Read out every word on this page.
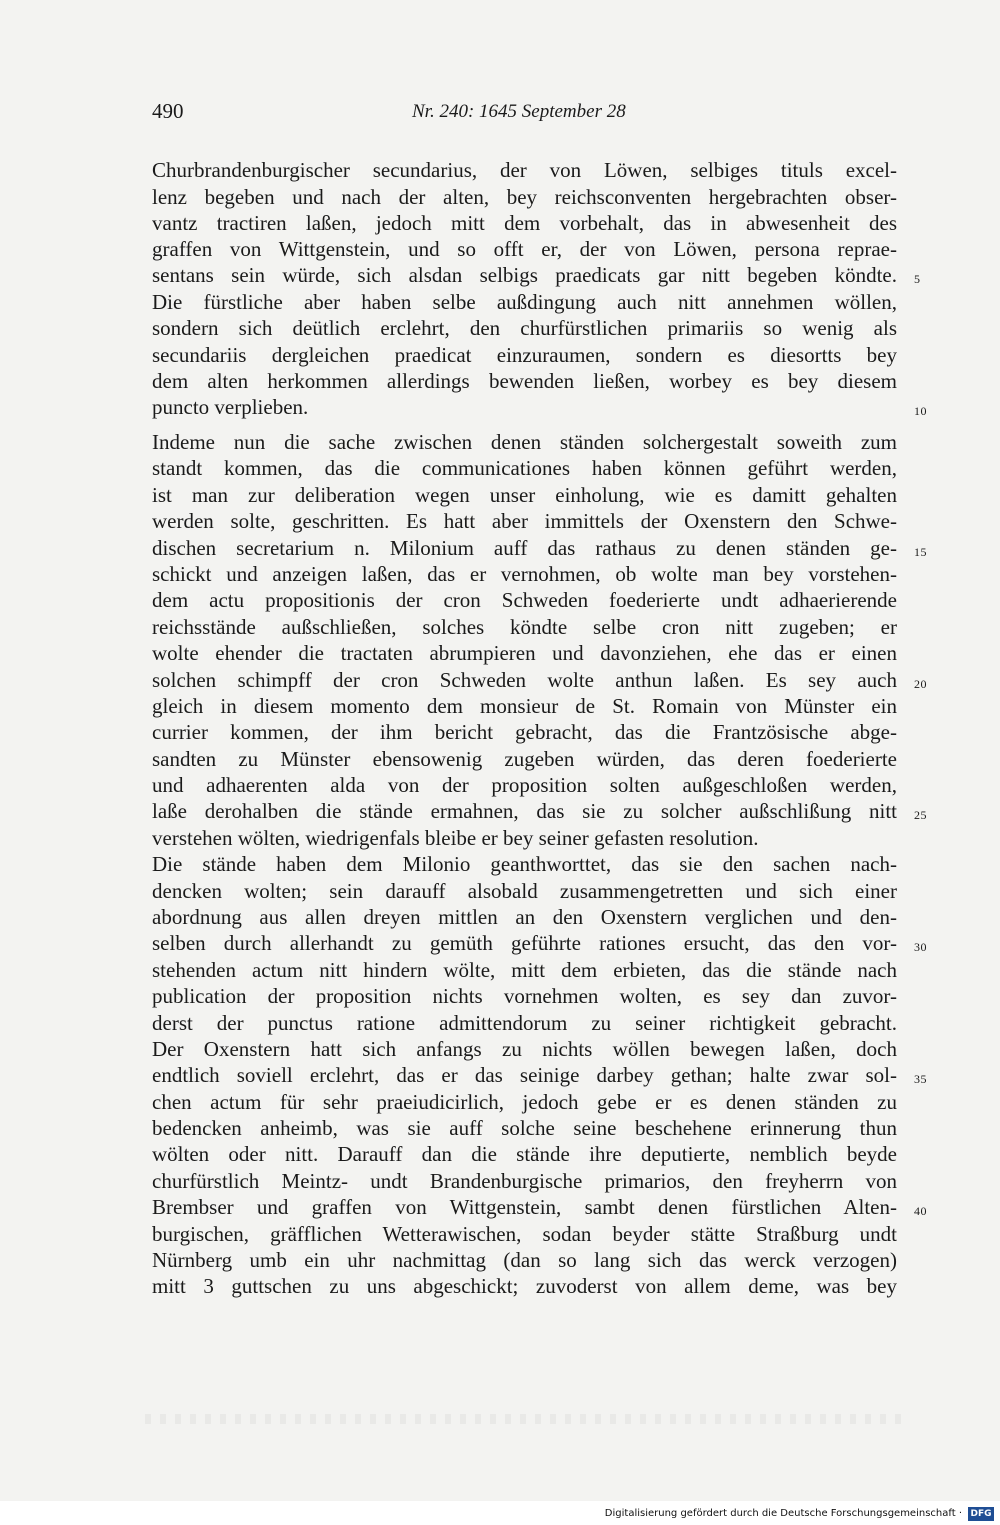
490	Nr. 240: 1645 September 28
Churbrandenburgischer secundarius, der von Löwen, selbiges tituls excel-
lenz begeben und nach der alten, bey reichsconventen hergebrachten obser-
vantz tractiren laßen, jedoch mitt dem vorbehalt, das in abwesenheit des
graffen von Wittgenstein, und so offt er, der von Löwen, persona reprae-
sentans sein würde, sich alsdan selbigs praedicats gar nitt begeben köndte.
Die fürstliche aber haben selbe außdingung auch nitt annehmen wöllen,
sondern sich deütlich erclehrt, den churfürstlichen primariis so wenig als
secundariis dergleichen praedicat einzuraumen, sondern es diesortts bey
dem alten herkommen allerdings bewenden ließen, worbey es bey diesem
puncto verplieben.
Indeme nun die sache zwischen denen ständen solchergestalt soweith zum
standt kommen, das die communicationes haben können geführt werden,
ist man zur deliberation wegen unser einholung, wie es damitt gehalten
werden solte, geschritten. Es hatt aber immittels der Oxenstern den Schwe-
dischen secretarium n. Milonium auff das rathaus zu denen ständen ge-
schickt und anzeigen laßen, das er vernohmen, ob wolte man bey vorstehen-
dem actu propositionis der cron Schweden foederierte undt adhaerierende
reichsstände außschließen, solches köndte selbe cron nitt zugeben; er
wolte ehender die tractaten abrumpieren und davonziehen, ehe das er einen
solchen schimpff der cron Schweden wolte anthun laßen. Es sey auch
gleich in diesem momento dem monsieur de St. Romain von Münster ein
currier kommen, der ihm bericht gebracht, das die Frantzösische abge-
sandten zu Münster ebensowenig zugeben würden, das deren foederierte
und adhaerenten alda von der proposition solten außgeschloßen werden,
laße derohalben die stände ermahnen, das sie zu solcher außschlißung nitt
verstehen wölten, wiedrigenfals bleibe er bey seiner gefasten resolution.
Die stände haben dem Milonio geanthworttet, das sie den sachen nach-
dencken wolten; sein darauff alsobald zusammengetretten und sich einer
abordnung aus allen dreyen mittlen an den Oxenstern verglichen und den-
selben durch allerhandt zu gemüth geführte rationes ersucht, das den vor-
stehenden actum nitt hindern wölte, mitt dem erbieten, das die stände nach
publication der proposition nichts vornehmen wolten, es sey dan zuvor-
derst der punctus ratione admittendorum zu seiner richtigkeit gebracht.
Der Oxenstern hatt sich anfangs zu nichts wöllen bewegen laßen, doch
endtlich soviell erclehrt, das er das seinige darbey gethan; halte zwar sol-
chen actum für sehr praeiudicirlich, jedoch gebe er es denen ständen zu
bedencken anheimb, was sie auff solche seine beschehene erinnerung thun
wölten oder nitt. Darauff dan die stände ihre deputierte, nemblich beyde
churfürstlich Meintz- undt Brandenburgische primarios, den freyherrn von
Brembser und graffen von Wittgenstein, sambt denen fürstlichen Alten-
burgischen, gräfflichen Wetterawischen, sodan beyder stätte Straßburg undt
Nürnberg umb ein uhr nachmittag (dan so lang sich das werck verzogen)
mitt 3 guttschen zu uns abgeschickt; zuvoderst von allem deme, was bey
5
10
15
20
25
30
35
40
Digitalisierung gefördert durch die Deutsche Forschungsgemeinschaft · DFG
